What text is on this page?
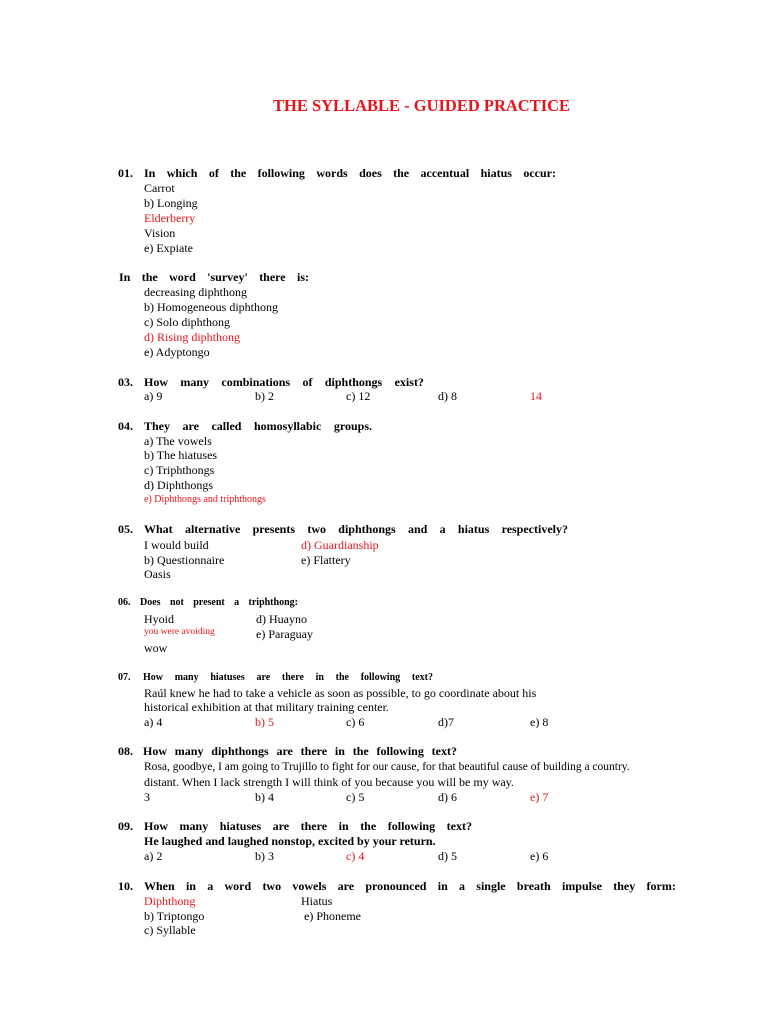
THE SYLLABLE - GUIDED PRACTICE
01. In which of the following words does the accentual hiatus occur:
Carrot
b) Longing
Elderberry
Vision
e) Expiate
In the word 'survey' there is:
decreasing diphthong
b) Homogeneous diphthong
c) Solo diphthong
d) Rising diphthong
e) Adyptongo
03. How many combinations of diphthongs exist?
a) 9	b) 2	c) 12	d) 8	14
04. They are called homosyllabic groups.
a) The vowels
b) The hiatuses
c) Triphthongs
d) Diphthongs
e) Diphthongs and triphthongs
05. What alternative presents two diphthongs and a hiatus respectively?
I would build	d) Guardianship
b) Questionnaire	e) Flattery
Oasis
06. Does not present a triphthong:
Hyoid	d) Huayno
you were avoiding	e) Paraguay
wow
07. How many hiatuses are there in the following text?
Raúl knew he had to take a vehicle as soon as possible, to go coordinate about his
historical exhibition at that military training center.
a) 4	b) 5	c) 6	d)7	e) 8
08. How many diphthongs are there in the following text?
Rosa, goodbye, I am going to Trujillo to fight for our cause, for that beautiful cause of building a country.
distant. When I lack strength I will think of you because you will be my way.
3	b) 4	c) 5	d) 6	e) 7
09. How many hiatuses are there in the following text?
He laughed and laughed nonstop, excited by your return.
a) 2	b) 3	c) 4	d) 5	e) 6
10. When in a word two vowels are pronounced in a single breath impulse they form:
Diphthong	Hiatus
b) Triptongo	e) Phoneme
c) Syllable
